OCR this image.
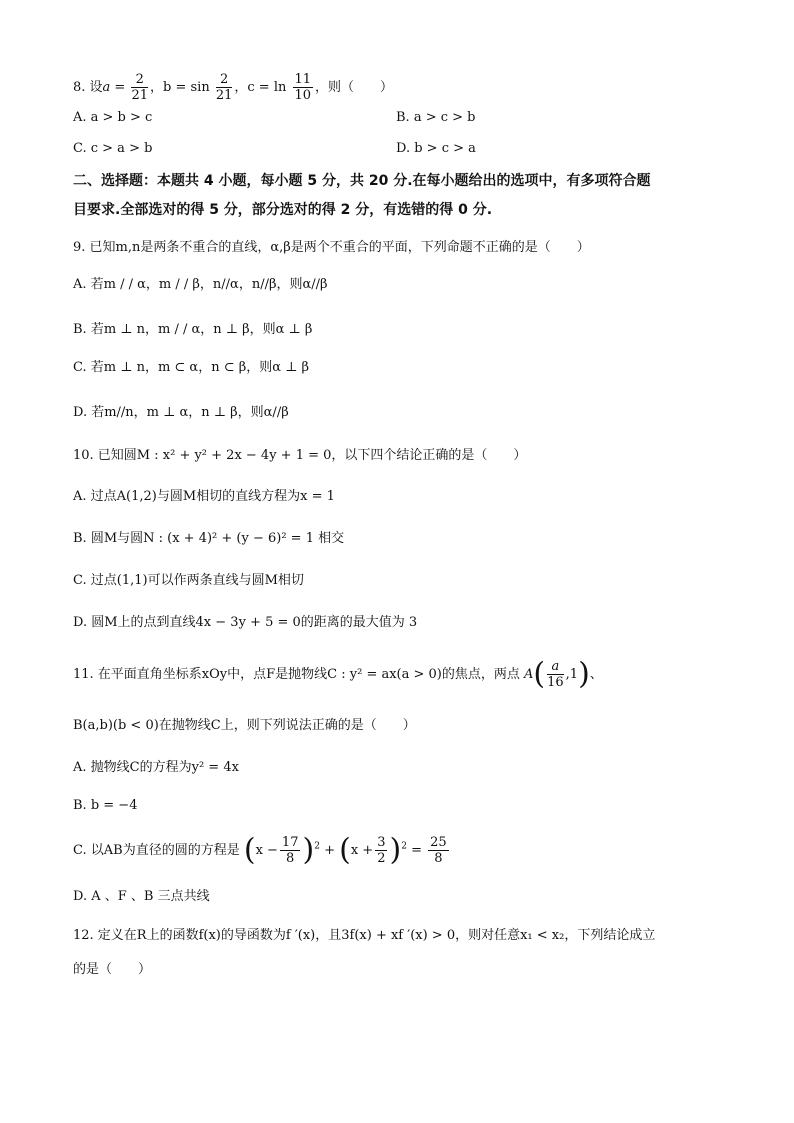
8. 设$a = \frac{2}{21}$ ，$b = \sin \frac{2}{21}$ ，$c = \ln \frac{11}{10}$ ，则（　　）
A. a > b > c	B. a > c > b
C. c > a > b	D. b > c > a
二、选择题：本题共 4 小题，每小题 5 分，共 20 分.在每小题给出的选项中，有多项符合题
目要求.全部选对的得 5 分，部分选对的得 2 分，有选错的得 0 分.
9. 已知m,n是两条不重合的直线，α,β是两个不重合的平面，下列命题不正确的是（　　）
A. 若m / / α，m / / β，n//α，n//β，则α//β
B. 若m ⊥ n，m / / α，n ⊥ β，则α ⊥ β
C. 若m ⊥ n，m ⊂ α，n ⊂ β，则α ⊥ β
D. 若m//n，m ⊥ α，n ⊥ β，则α//β
10. 已知圆M : x² + y² + 2x − 4y + 1 = 0，以下四个结论正确的是（　　）
A. 过点A(1,2)与圆M相切的直线方程为x = 1
B. 圆M与圆N : (x + 4)² + (y − 6)² = 1 相交
C. 过点(1,1)可以作两条直线与圆M相切
D. 圆M上的点到直线4x − 3y + 5 = 0的距离的最大值为 3
11. 在平面直角坐标系xOy中，点F是抛物线C : y² = ax(a > 0)的焦点，两点 $A( \frac{a}{16} ,1)$、
B(a,b)(b < 0)在抛物线C上，则下列说法正确的是（　　）
A. 抛物线C的方程为y² = 4x
B. b = −4
C. 以AB为直径的圆的方程是 $(x - \frac{17}{8} )^2 + (x + \frac{3}{2} )^2 = \frac{25}{8}$
D. A 、F 、B 三点共线
12. 定义在R上的函数f(x)的导函数为f ′(x)，且3f(x) + xf ′(x) > 0，则对任意x₁ < x₂，下列结论成立
的是（　　）
